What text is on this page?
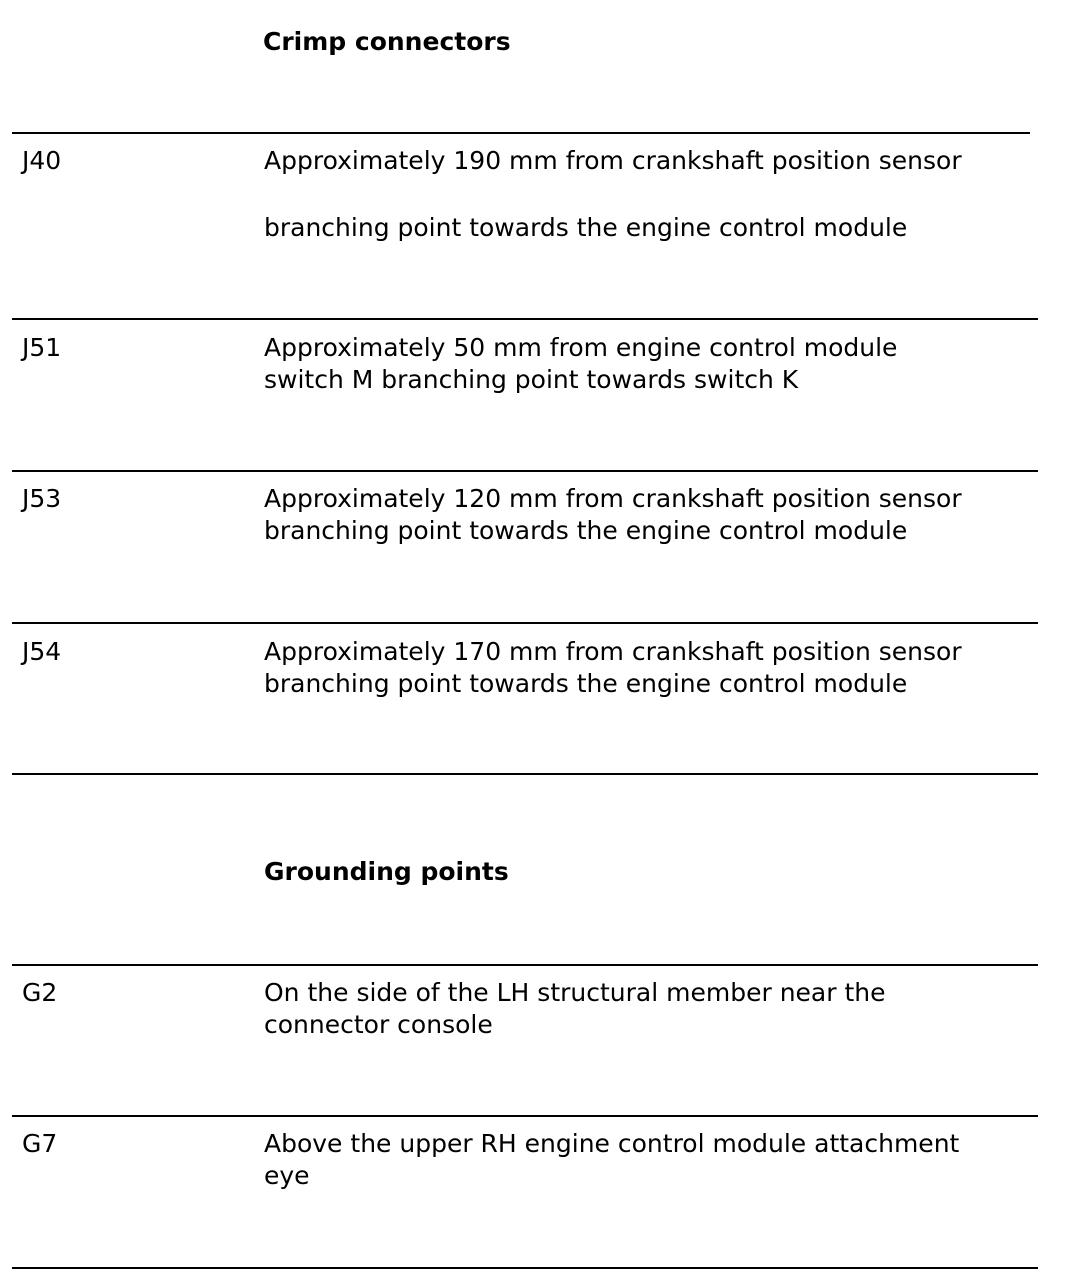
Crimp connectors
J40	Approximately 190 mm from crankshaft position sensor
branching point towards the engine control module
J51	Approximately 50 mm from engine control module
switch M branching point towards switch K
J53	Approximately 120 mm from crankshaft position sensor
branching point towards the engine control module
J54	Approximately 170 mm from crankshaft position sensor
branching point towards the engine control module
Grounding points
G2	On the side of the LH structural member near the
connector console
G7	Above the upper RH engine control module attachment
eye
